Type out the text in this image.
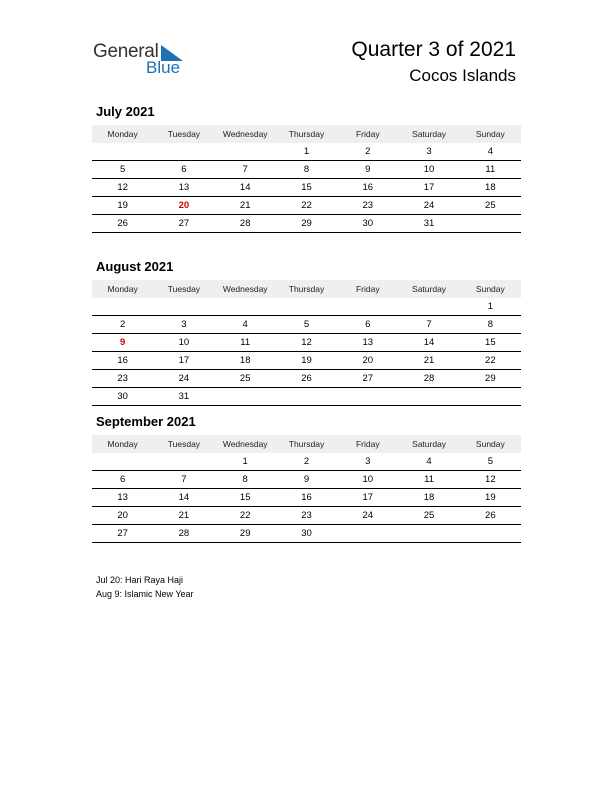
General
Blue
Quarter 3 of 2021
Cocos Islands
July 2021
Monday	Tuesday	Wednesday	Thursday	Friday	Saturday	Sunday
			1	2	3	4
5	6	7	8	9	10	11
12	13	14	15	16	17	18
19	20	21	22	23	24	25
26	27	28	29	30	31	
August 2021
Monday	Tuesday	Wednesday	Thursday	Friday	Saturday	Sunday
						1
2	3	4	5	6	7	8
9	10	11	12	13	14	15
16	17	18	19	20	21	22
23	24	25	26	27	28	29
30	31					
September 2021
Monday	Tuesday	Wednesday	Thursday	Friday	Saturday	Sunday
		1	2	3	4	5
6	7	8	9	10	11	12
13	14	15	16	17	18	19
20	21	22	23	24	25	26
27	28	29	30			
Jul 20: Hari Raya Haji
Aug 9: Islamic New Year
